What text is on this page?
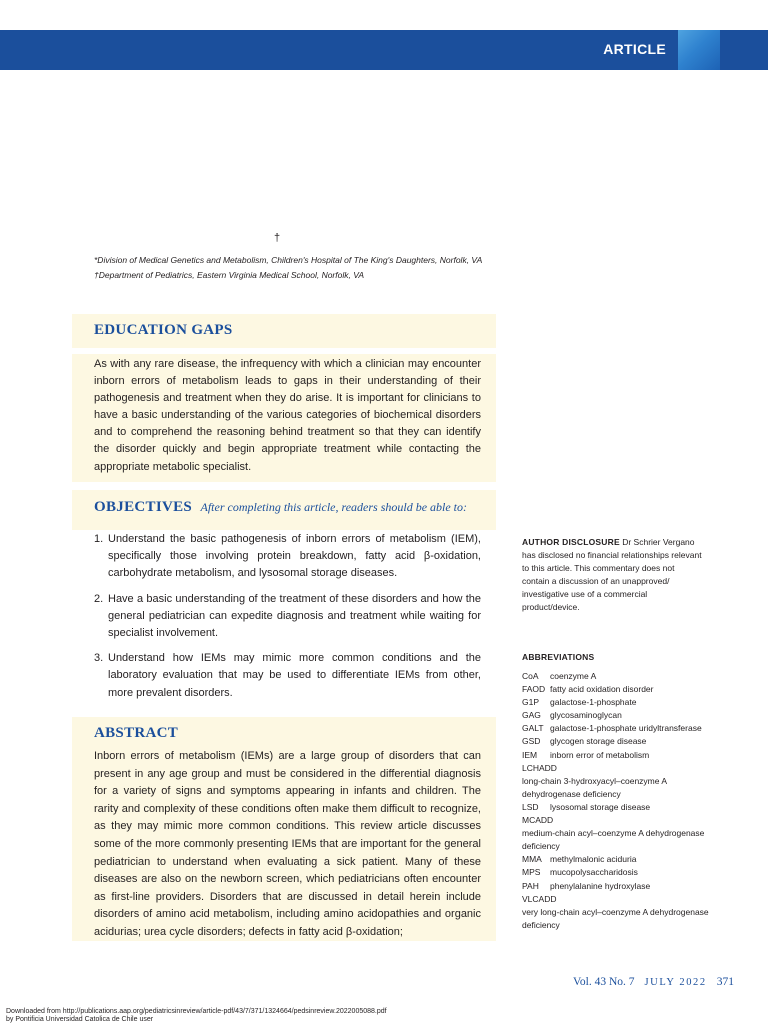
ARTICLE
†
*Division of Medical Genetics and Metabolism, Children's Hospital of The King's Daughters, Norfolk, VA
†Department of Pediatrics, Eastern Virginia Medical School, Norfolk, VA
EDUCATION GAPS

As with any rare disease, the infrequency with which a clinician may encounter inborn errors of metabolism leads to gaps in their understanding of their pathogenesis and treatment when they do arise. It is important for clinicians to have a basic understanding of the various categories of biochemical disorders and to comprehend the reasoning behind treatment so that they can identify the disorder quickly and begin appropriate treatment while contacting the appropriate metabolic specialist.

OBJECTIVES After completing this article, readers should be able to:
1. Understand the basic pathogenesis of inborn errors of metabolism (IEM), specifically those involving protein breakdown, fatty acid β-oxidation, carbohydrate metabolism, and lysosomal storage diseases.
2. Have a basic understanding of the treatment of these disorders and how the general pediatrician can expedite diagnosis and treatment while waiting for specialist involvement.
3. Understand how IEMs may mimic more common conditions and the laboratory evaluation that may be used to differentiate IEMs from other, more prevalent disorders.
ABSTRACT

Inborn errors of metabolism (IEMs) are a large group of disorders that can present in any age group and must be considered in the differential diagnosis for a variety of signs and symptoms appearing in infants and children. The rarity and complexity of these conditions often make them difficult to recognize, as they may mimic more common conditions. This review article discusses some of the more commonly presenting IEMs that are important for the general pediatrician to understand when evaluating a sick patient. Many of these diseases are also on the newborn screen, which pediatricians often encounter as first-line providers. Disorders that are discussed in detail herein include disorders of amino acid metabolism, including amino acidopathies and organic acidurias; urea cycle disorders; defects in fatty acid β-oxidation;

AUTHOR DISCLOSURE Dr Schrier Vergano has disclosed no financial relationships relevant to this article. This commentary does not contain a discussion of an unapproved/ investigative use of a commercial product/device.
ABBREVIATIONS
CoA	coenzyme A
FAOD fatty acid oxidation disorder
G1P	galactose-1-phosphate
GAG	glycosaminoglycan
GALT galactose-1-phosphate uridyltransferase
GSD	glycogen storage disease
IEM	inborn error of metabolism
LCHADD
long-chain 3-hydroxyacyl–coenzyme A dehydrogenase deficiency
LSD	lysosomal storage disease
MCADD
medium-chain acyl–coenzyme A dehydrogenase deficiency
MMA methylmalonic aciduria
MPS	mucopolysaccharidosis
PAH	phenylalanine hydroxylase
VLCADD
very long-chain acyl–coenzyme A dehydrogenase deficiency
Vol. 43 No. 7 JULY 2022 371
Downloaded from http://publications.aap.org/pediatricsinreview/article-pdf/43/7/371/1324664/pedsinreview.2022005088.pdf
by Pontificia Universidad Catolica de Chile user
